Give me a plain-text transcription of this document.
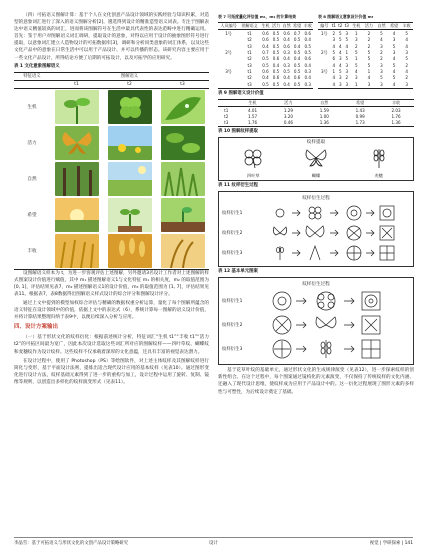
（四）可拓语义图解计算：基于个人在文化创意产品设计领域的实践经验与知识积累，对造型的意象词汇进行了深入的语义图解分析[2]，遴选得到设计的精准造型语义词表。专注于图解表达中语义精值较高的词汇，进而将该图解符号在生活中最具代表性的表达范畴中进行精确运用。首先：鉴于用户对图解语义词汇调研，提取设计的意象，对得以应用于设计的抽象图形符号进行提取，以意象词汇建立人造物设计的可拓数据库[3]，调研和分析同类意象的词汇体系，以及这些文化产品中的意象在日常生活中可以用于产品设计、并可以传播的形态。该研究内容主要应用于一些文化产品设计，所得结论方便了后期的可拓设计，以及可拓学的应用研究。

表 1 文化意象图解语义
特征语义	图解语义		
	t1	t2	t3
生机	

活力	

自然	

希望	

丰收	

设图解语义样本为 t，为进一步客观评估上述图解，另外邀请3名设计工作者对上述图解的样式图案设计价值进行赋值，其中 m₁ 描述图解语义1与文化特征 m₁ 的相关度，m₂ 的取值范围为 [0, 1]，评估结果见表7，m₂ 描述图解语义1的设计价值，m₃ 的取值范围为 [1, 7]，评估结果见表11。根据表7，表8数据得出图解语义样式设计的综合评分和图解设计评分。

通过上文中提到的模型加权综合评估与精确的数据权重分析运算，量化了每个图解所蕴含的语义特征在设计领域中的价值，依据上文中的表达式（6），系统计算每一图解的语义设计价值，并将计算结果整理归纳于表9中，以便后续深入分析与应用。

四、设计方案输出

（一）基于形状文化的纹样衍化：根据前述统计分析，特征词汇“生机 t1”“丰收 t1”“活力 t2”的可拓区间最为宽广，因此本次设计选取这些词汇所对应的图解纹样——四叶草纹、蝴蝶纹和麦穗纹作为设计纹样。这些纹样不仅承载着深厚的文化意蕴，还具有丰富的视觉表达潜力。

在设计过程中，使用了 Photoshop（PS）等绘图软件，对上述主体纹样及其图解纹样进行简化与变形，基于平面设计法则，提炼出适合现代设计应用的基本纹样（见表10）。通过图形变化进行设计方法，纹样基础元素得到了进一步的重构与加工，设计过程中运用了旋转、复制、镜像等规则，以创造出多样化的纹样演变形式（见表11）。

表 7 可拓度量化评估值 m₁，m₂ 的计算结果
人员编号	图解语义	生机	活力	自然	希望	丰收
1号	t1	0.6	0.5	0.6	0.7	0.6
	t2	0.6	0.5	0.4	0.5	0.4
	t3	0.4	0.5	0.6	0.4	0.5
2号	t1	0.7	0.5	0.3	0.5	0.5
	t2	0.5	0.6	0.4	0.4	0.6
	t3	0.5	0.4	0.3	0.5	0.4
3号	t1	0.6	0.5	0.5	0.5	0.3
	t2	0.4	0.6	0.4	0.6	0.4
	t3	0.5	0.5	0.4	0.5	0.3
表 8 图解语义意象设计价值 m₃
编号	t1	t2	t3	生机	活力	自然	希望	丰收
1号	2	5	3	1	2	5	4	5
	3	5	5	3	2	4	3	4
	4	4	4	2	2	3	5	4
2号	5	4	1	5	5	2	3	3
	6	3	5	1	5	2	4	5
	4	4	3	5	5	3	5	2
3号	1	5	3	4	1	3	4	4
	4	3	2	3	4	5	5	2
	4	3	3	1	3	3	4	3
表 9 图解语义设计价值
	生机	活力	自然	希望	丰收
t1	4.01	1.29	1.59	1.43	2.03
t2	1.57	3.20	1.00	0.99	1.76
t3	1.76	0.46	1.36	1.73	1.36
表 10 图解纹样提取
纹样提取
四叶草	蝴蝶	麦穗
表 11 纹样衍生过程
纹样衍生过程
纹样衍生1
纹样衍生2
纹样衍生3
表 12 基本单元图案
纹样衍生过程
纹样衍生1
纹样衍生2
纹样衍生3

基于花草叶纹的基础单元，通过形状文化的生成规律演变（见表12），进一步探索纹样的创新性组合。在这个过程中，每个图案通过镜构化的元素演变，不仅保持了传统纹样的文化内涵，还融入了现代设计思维，使纹样成为应用于产品设计中的。这一衍化过程展现了图形元素的多样性与可塑性，为后续设计奠定了基础。

李晶雪：基于可拓语义与形状文化的文创产品设计策略研究	设计	视觉 | 学研探索 | 141
